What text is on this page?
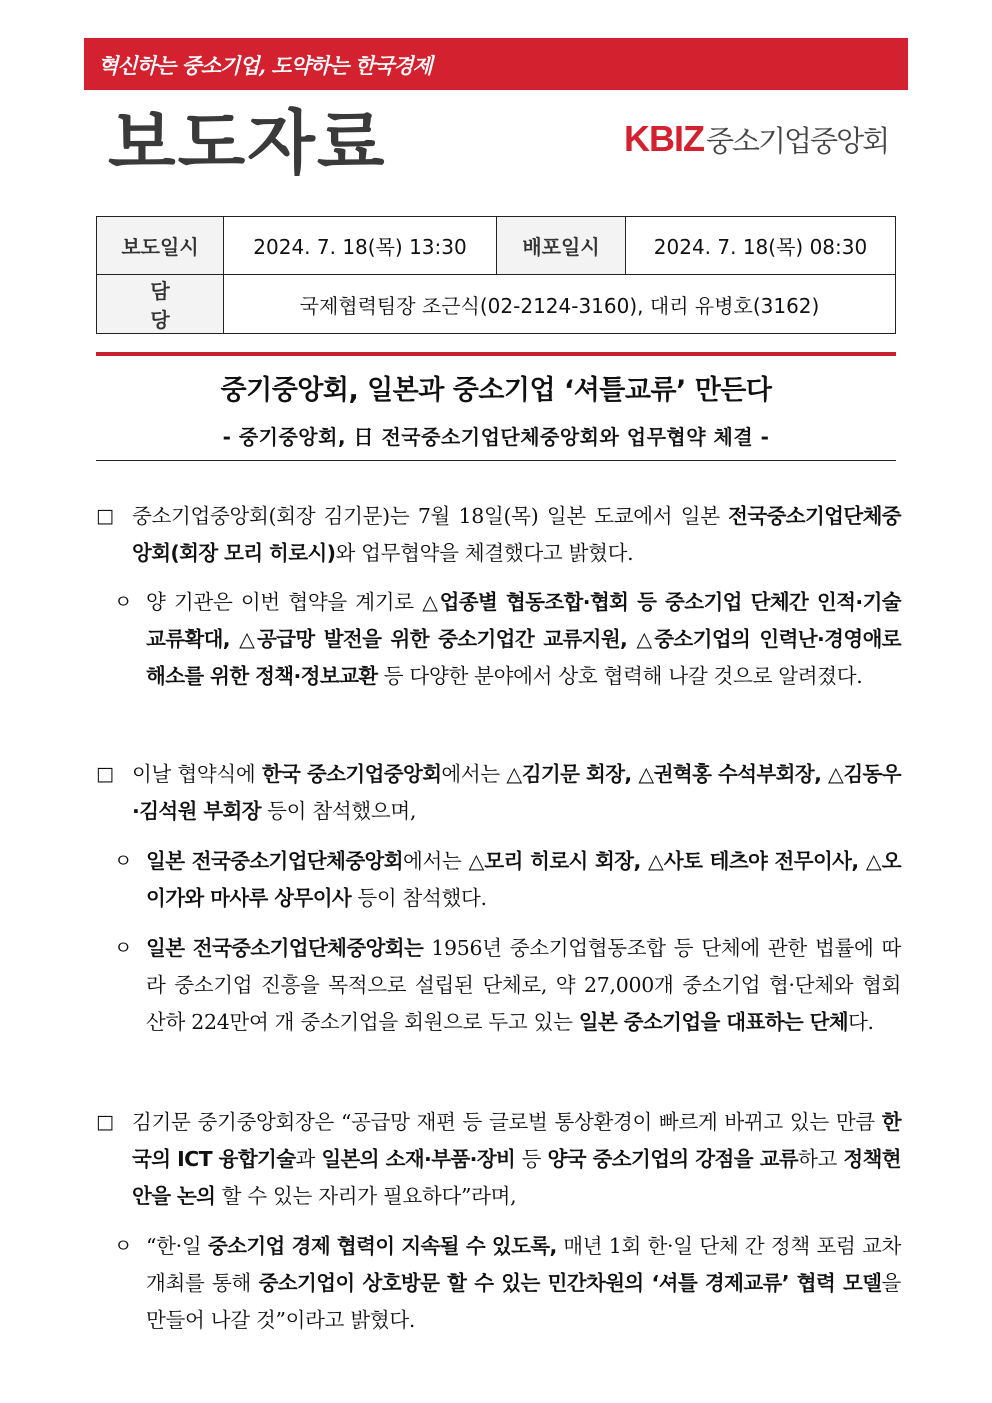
혁신하는 중소기업, 도약하는 한국경제
보도자료	KBIZ중소기업중앙회
보도일시	2024. 7. 18(목) 13:30	배포일시	2024. 7. 18(목) 08:30
담 당	국제협력팀장 조근식(02-2124-3160), 대리 유병호(3162)		
중기중앙회, 일본과 중소기업 ‘셔틀교류’ 만든다
- 중기중앙회, 日 전국중소기업단체중앙회와 업무협약 체결 -
□ 중소기업중앙회(회장 김기문)는 7월 18일(목) 일본 도쿄에서 일본 전국중소기업단체중앙회(회장 모리 히로시)와 업무협약을 체결했다고 밝혔다.
ㅇ 양 기관은 이번 협약을 계기로 △업종별 협동조합·협회 등 중소기업 단체간 인적·기술 교류확대, △공급망 발전을 위한 중소기업간 교류지원, △중소기업의 인력난·경영애로 해소를 위한 정책·정보교환 등 다양한 분야에서 상호 협력해 나갈 것으로 알려졌다.
□ 이날 협약식에 한국 중소기업중앙회에서는 △김기문 회장, △권혁홍 수석부회장, △김동우·김석원 부회장 등이 참석했으며,
ㅇ 일본 전국중소기업단체중앙회에서는 △모리 히로시 회장, △사토 테츠야 전무이사, △오이가와 마사루 상무이사 등이 참석했다.
ㅇ 일본 전국중소기업단체중앙회는 1956년 중소기업협동조합 등 단체에 관한 법률에 따라 중소기업 진흥을 목적으로 설립된 단체로, 약 27,000개 중소기업 협·단체와 협회 산하 224만여 개 중소기업을 회원으로 두고 있는 일본 중소기업을 대표하는 단체다.
□ 김기문 중기중앙회장은 “공급망 재편 등 글로벌 통상환경이 빠르게 바뀌고 있는 만큼 한국의 ICT 융합기술과 일본의 소재·부품·장비 등 양국 중소기업의 강점을 교류하고 정책현안을 논의 할 수 있는 자리가 필요하다”라며,
ㅇ “한·일 중소기업 경제 협력이 지속될 수 있도록, 매년 1회 한·일 단체 간 정책 포럼 교차 개최를 통해 중소기업이 상호방문 할 수 있는 민간차원의 ‘셔틀 경제교류’ 협력 모델을 만들어 나갈 것”이라고 밝혔다.
